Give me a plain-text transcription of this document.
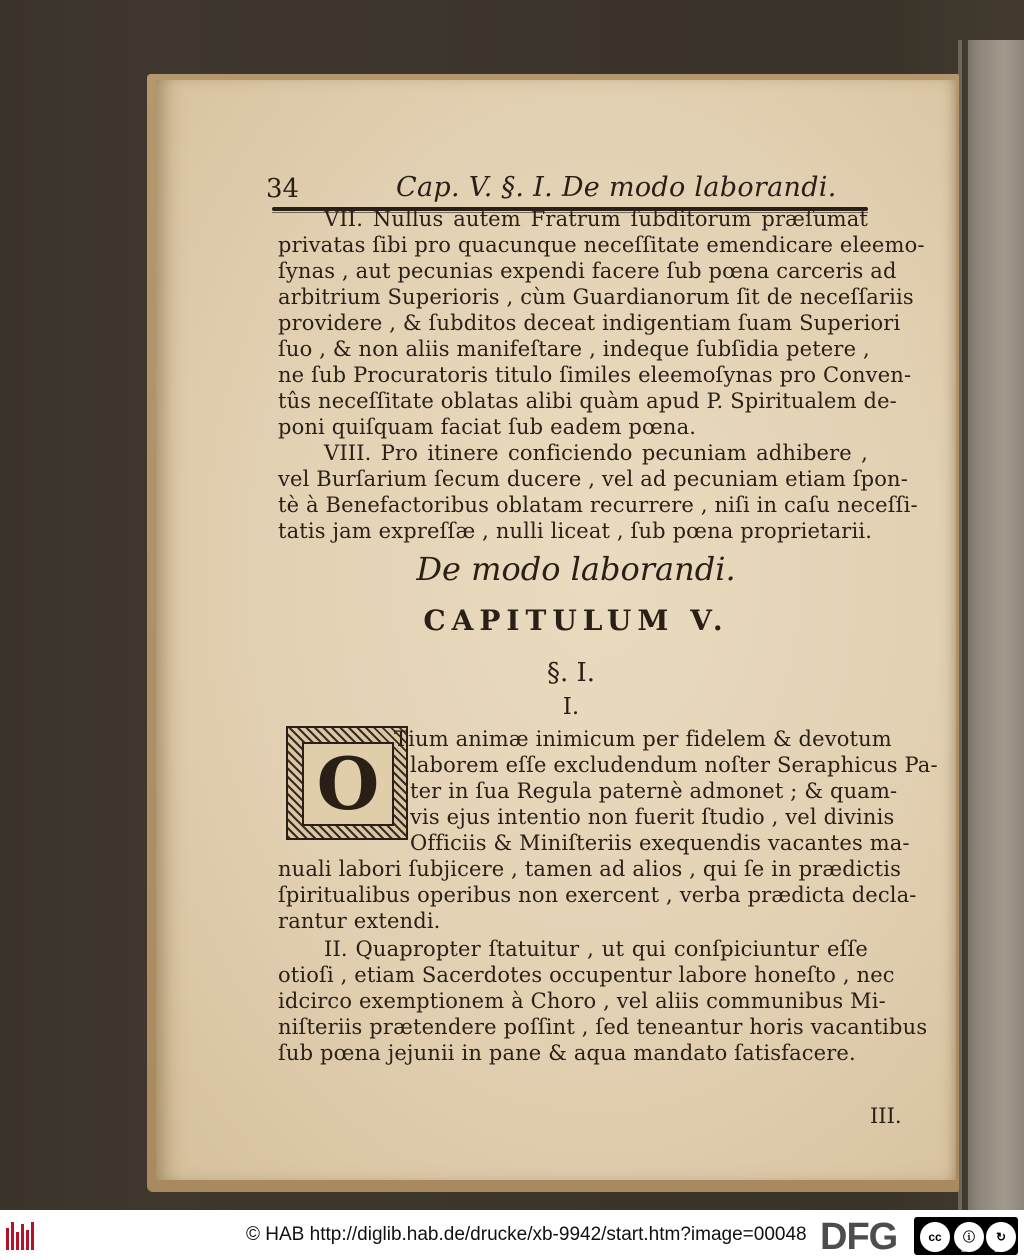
34	Cap. V. §. I. De modo laborandi.
VII. Nullus autem Fratrum ſubditorum præſumat
privatas ſibi pro quacunque neceſſitate emendicare eleemo-
ſynas , aut pecunias expendi facere ſub pœna carceris ad
arbitrium Superioris , cùm Guardianorum ſit de neceſſariis
providere , & ſubditos deceat indigentiam ſuam Superiori
ſuo , & non aliis manifeſtare , indeque ſubſidia petere ,
ne ſub Procuratoris titulo ſimiles eleemoſynas pro Conven-
tûs neceſſitate oblatas alibi quàm apud P. Spiritualem de-
poni quiſquam faciat ſub eadem pœna.
VIII. Pro itinere conficiendo pecuniam adhibere ,
vel Burſarium ſecum ducere , vel ad pecuniam etiam ſpon-
tè à Benefactoribus oblatam recurrere , niſi in caſu neceſſi-
tatis jam expreſſæ , nulli liceat , ſub pœna proprietarii.
De modo laborandi.
CAPITULUM V.
§. I.
I.
O
Tium animæ inimicum per fidelem & devotum
laborem eſſe excludendum noſter Seraphicus Pa-
ter in ſua Regula paternè admonet ; & quam-
vis ejus intentio non fuerit ſtudio , vel divinis
Officiis & Miniſteriis exequendis vacantes ma-
nuali labori ſubjicere , tamen ad alios , qui ſe in prædictis
ſpiritualibus operibus non exercent , verba prædicta decla-
rantur extendi.
II. Quapropter ſtatuitur , ut qui conſpiciuntur eſſe
otioſi , etiam Sacerdotes occupentur labore honeſto , nec
idcirco exemptionem à Choro , vel aliis communibus Mi-
niſteriis prætendere poſſint , ſed teneantur horis vacantibus
ſub pœna jejunii in pane & aqua mandato ſatisfacere.
III.
© HAB http://diglib.hab.de/drucke/xb-9942/start.htm?image=00048 DFG	cc	ⓘ	↻
BY	SA
